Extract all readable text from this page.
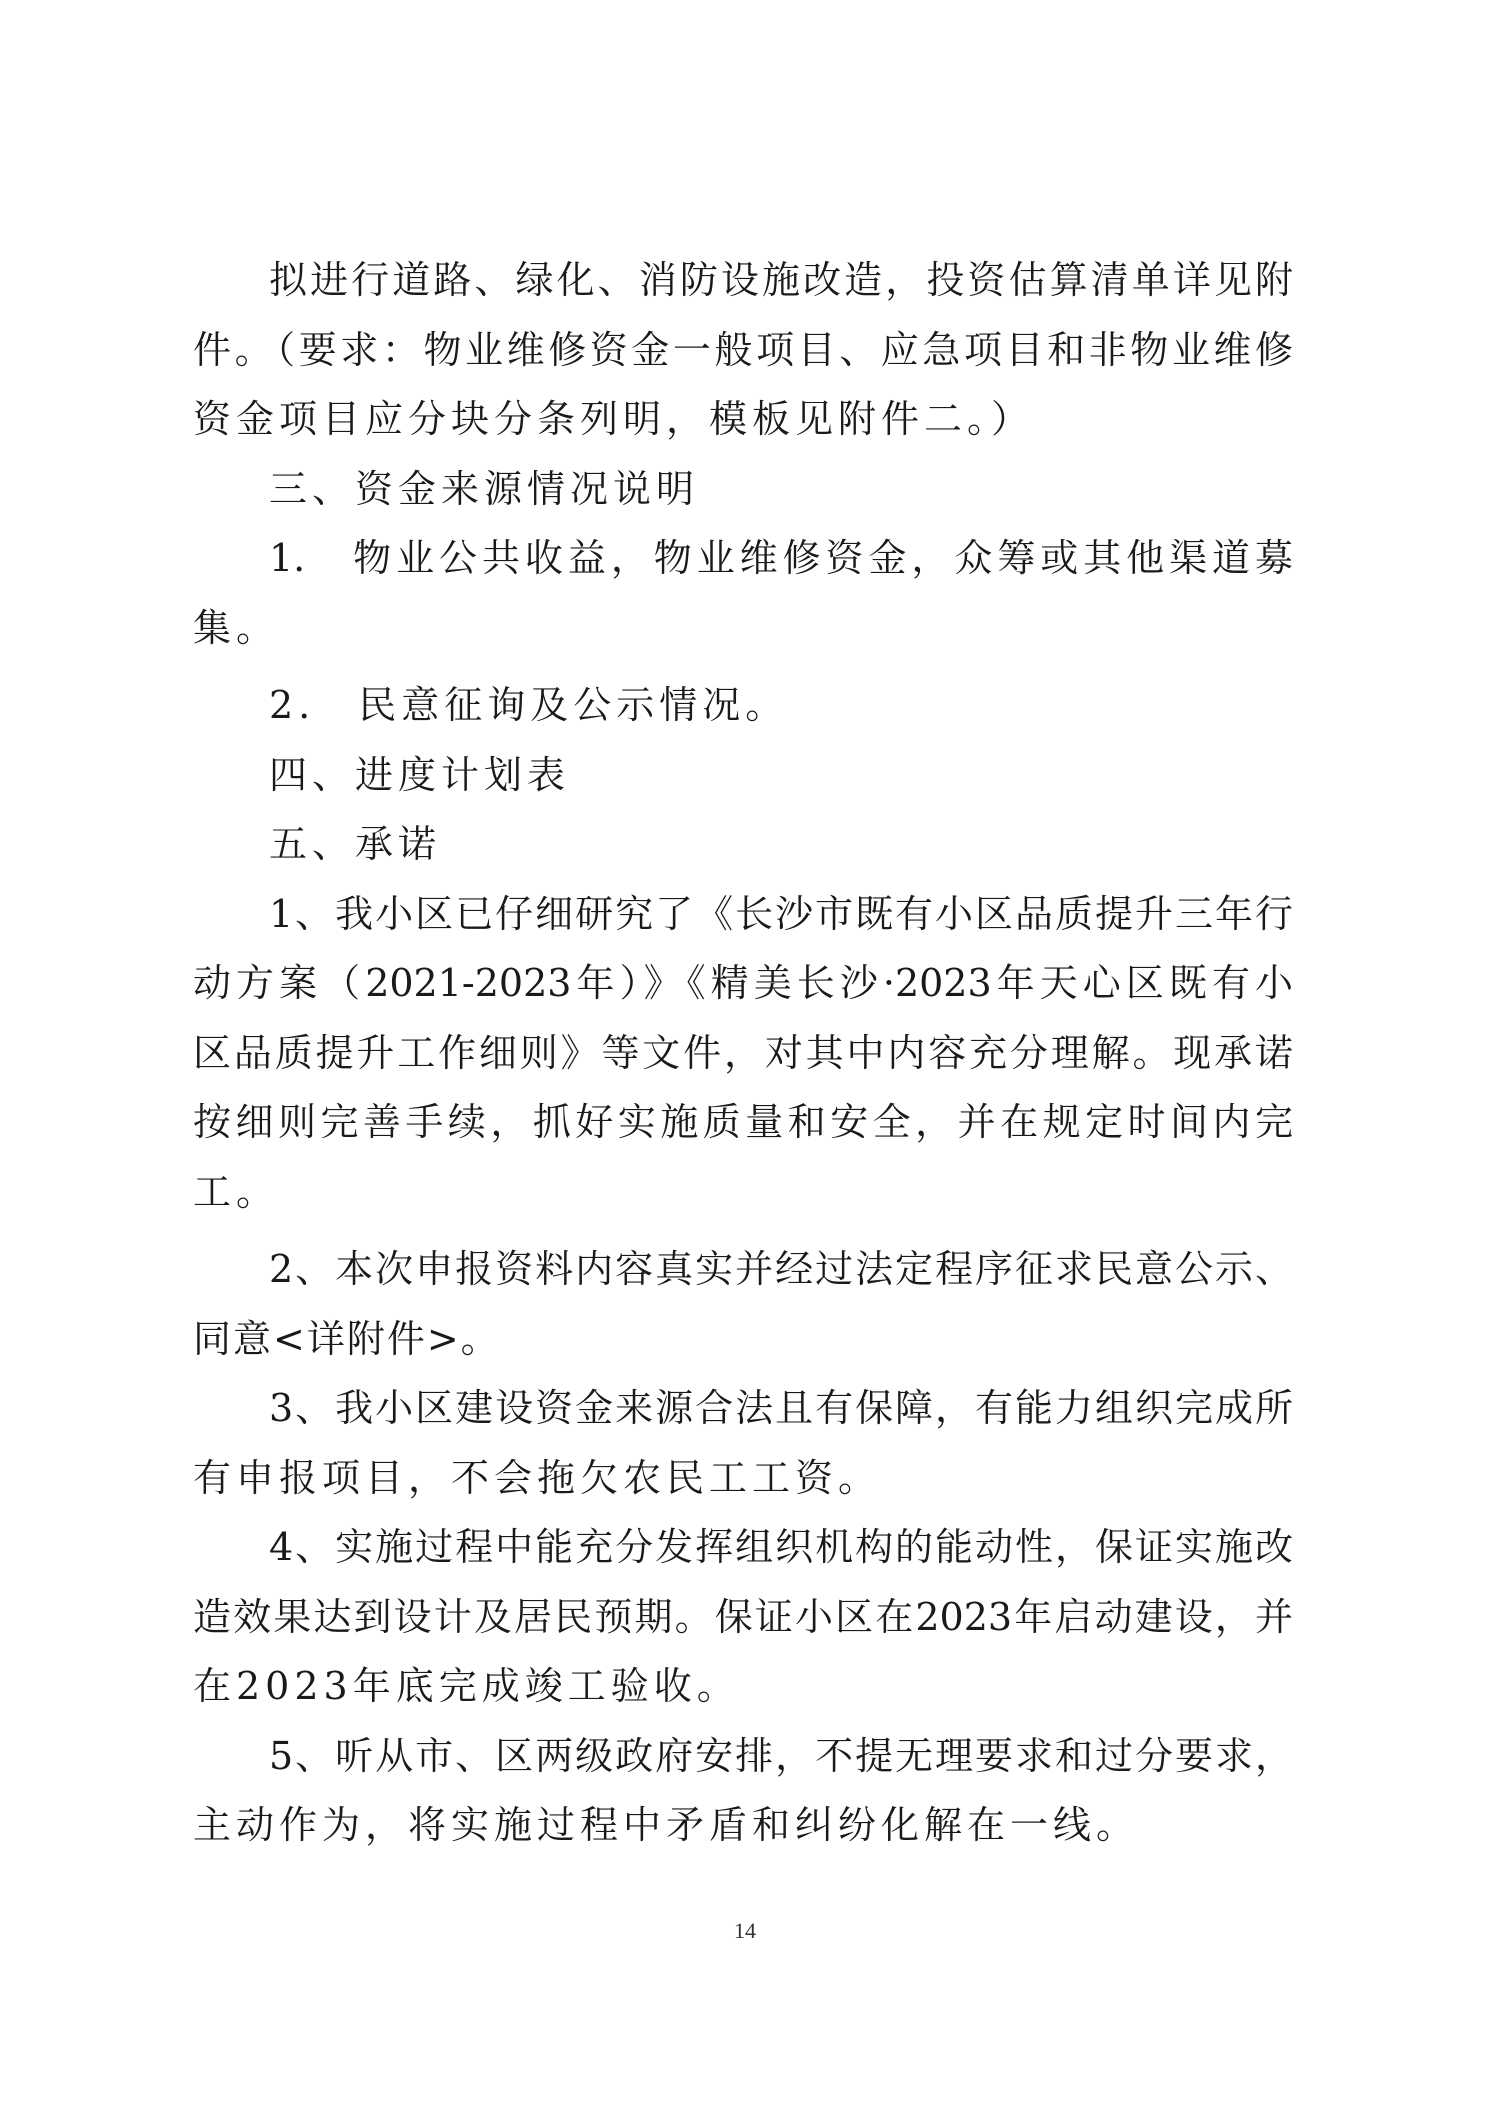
拟进行道路、绿化、消防设施改造，投资估算清单详见附
件。（要求：物业维修资金一般项目、应急项目和非物业维修
资金项目应分块分条列明，模板见附件二。）
三、资金来源情况说明
1.　物业公共收益，物业维修资金，众筹或其他渠道募
集。
2.　民意征询及公示情况。
四、进度计划表
五、承诺
1、我小区已仔细研究了《长沙市既有小区品质提升三年行
动方案（2021-2023年）》《精美长沙·2023年天心区既有小
区品质提升工作细则》等文件，对其中内容充分理解。现承诺
按细则完善手续，抓好实施质量和安全，并在规定时间内完
工。
2、本次申报资料内容真实并经过法定程序征求民意公示、
同意<详附件>。
3、我小区建设资金来源合法且有保障，有能力组织完成所
有申报项目，不会拖欠农民工工资。
4、实施过程中能充分发挥组织机构的能动性，保证实施改
造效果达到设计及居民预期。保证小区在2023年启动建设，并
在2023年底完成竣工验收。
5、听从市、区两级政府安排，不提无理要求和过分要求，
主动作为，将实施过程中矛盾和纠纷化解在一线。
14
